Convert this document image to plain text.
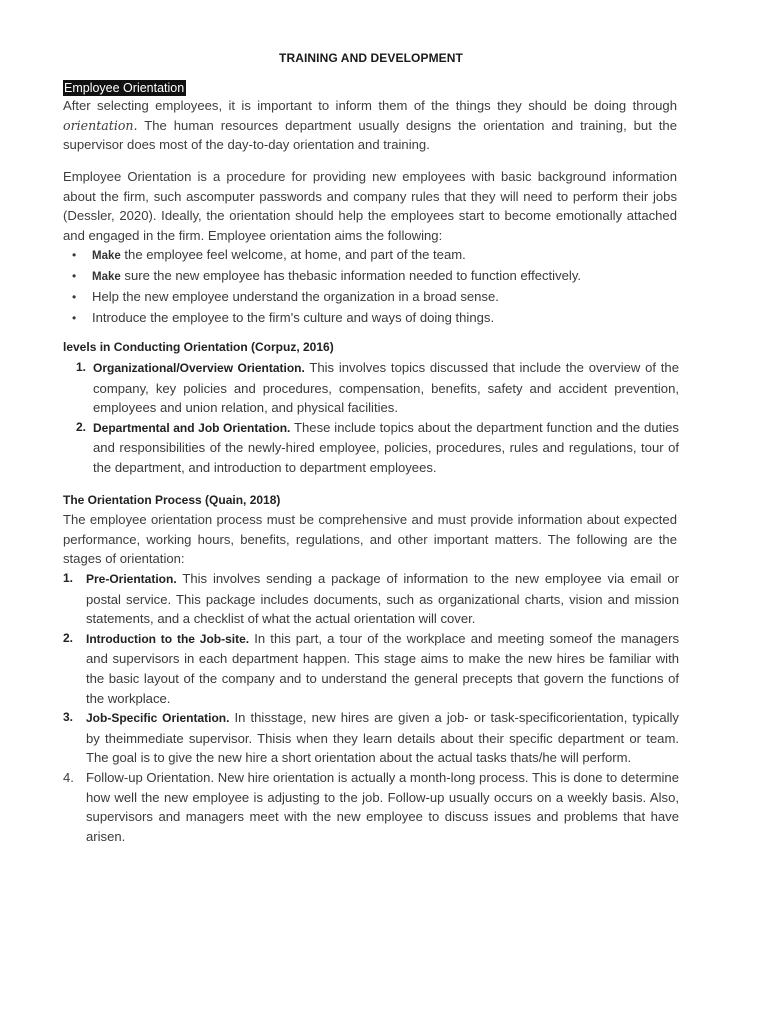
TRAINING AND DEVELOPMENT
Employee Orientation

After selecting employees, it is important to inform them of the things they should be doing through orientation. The human resources department usually designs the orientation and training, but the supervisor does most of the day-to-day orientation and training.

Employee Orientation is a procedure for providing new employees with basic background information about the firm, such ascomputer passwords and company rules that they will need to perform their jobs (Dessler, 2020). Ideally, the orientation should help the employees start to become emotionally attached and engaged in the firm. Employee orientation aims the following:

• Make the employee feel welcome, at home, and part of the team.
• Make sure the new employee has thebasic information needed to function effectively.
• Help the new employee understand the organization in a broad sense.
• Introduce the employee to the firm's culture and ways of doing things.
levels in Conducting Orientation (Corpuz, 2016)
1. Organizational/Overview Orientation. This involves topics discussed that include the overview of the company, key policies and procedures, compensation, benefits, safety and accident prevention, employees and union relation, and physical facilities.
2. Departmental and Job Orientation. These include topics about the department function and the duties and responsibilities of the newly-hired employee, policies, procedures, rules and regulations, tour of the department, and introduction to department employees.
The Orientation Process (Quain, 2018)

The employee orientation process must be comprehensive and must provide information about expected performance, working hours, benefits, regulations, and other important matters. The following are the stages of orientation:

1. Pre-Orientation. This involves sending a package of information to the new employee via email or postal service. This package includes documents, such as organizational charts, vision and mission statements, and a checklist of what the actual orientation will cover.
2. Introduction to the Job-site. In this part, a tour of the workplace and meeting someof the managers and supervisors in each department happen. This stage aims to make the new hires be familiar with the basic layout of the company and to understand the general precepts that govern the functions of the workplace.
3. Job-Specific Orientation. In thisstage, new hires are given a job- or task-specificorientation, typically by theimmediate supervisor. Thisis when they learn details about their specific department or team. The goal is to give the new hire a short orientation about the actual tasks thats/he will perform.
4. Follow-up Orientation. New hire orientation is actually a month-long process. This is done to determine how well the new employee is adjusting to the job. Follow-up usually occurs on a weekly basis. Also, supervisors and managers meet with the new employee to discuss issues and problems that have arisen.
